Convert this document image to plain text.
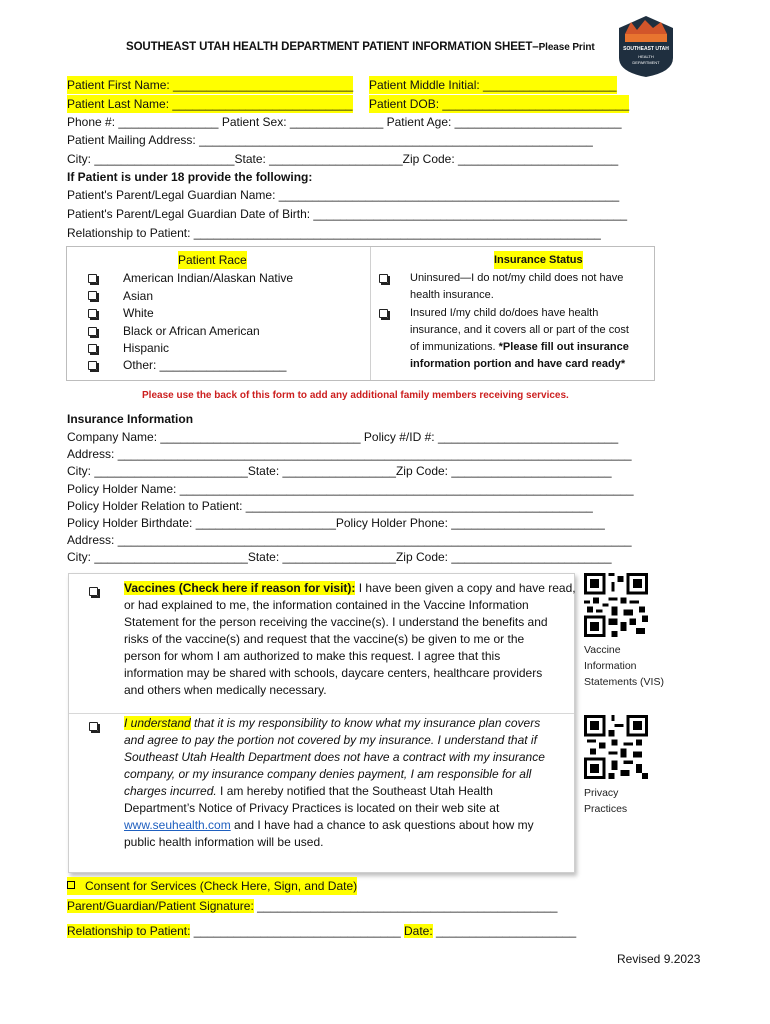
SOUTHEAST UTAH HEALTH DEPARTMENT PATIENT INFORMATION SHEET–Please Print	SOUTHEAST UTAH
HEALTH
DEPARTMENT
Patient First Name: ___________________________ Patient Middle Initial: ____________________
Patient Last Name: ___________________________ Patient DOB: ____________________________
Phone #: _______________ Patient Sex: ______________ Patient Age: _________________________
Patient Mailing Address: ___________________________________________________________
City: _____________________State: ____________________Zip Code: ________________________
If Patient is under 18 provide the following:
Patient's Parent/Legal Guardian Name: ___________________________________________________
Patient's Parent/Legal Guardian Date of Birth: _______________________________________________
Relationship to Patient: _____________________________________________________________
Patient Race
American Indian/Alaskan Native
Asian
White
Black or African American
Hispanic
Other: ___________________
Insurance Status
Uninsured—I do not/my child does not have
health insurance.
Insured I/my child do/does have health
insurance, and it covers all or part of the cost
of immunizations. *Please fill out insurance
information portion and have card ready*
Please use the back of this form to add any additional family members receiving services.
Insurance Information
Company Name: ______________________________ Policy #/ID #: ___________________________
Address: _____________________________________________________________________________
City: _______________________State: _________________Zip Code: ________________________
Policy Holder Name: ____________________________________________________________________
Policy Holder Relation to Patient: ____________________________________________________
Policy Holder Birthdate: _____________________Policy Holder Phone: _______________________
Address: _____________________________________________________________________________
City: _______________________State: _________________Zip Code: ________________________
Vaccines (Check here if reason for visit): I have been given a copy and have read,
or had explained to me, the information contained in the Vaccine Information
Statement for the person receiving the vaccine(s). I understand the benefits and
risks of the vaccine(s) and request that the vaccine(s) be given to me or the
person for whom I am authorized to make this request. I agree that this
information may be shared with schools, daycare centers, healthcare providers
and others when medically necessary.
I understand that it is my responsibility to know what my insurance plan covers
and agree to pay the portion not covered by my insurance. I understand that if
Southeast Utah Health Department does not have a contract with my insurance
company, or my insurance company denies payment, I am responsible for all
charges incurred. I am hereby notified that the Southeast Utah Health
Department’s Notice of Privacy Practices is located on their web site at
www.seuhealth.com and I have had a chance to ask questions about how my
public health information will be used.
Vaccine
Information
Statements (VIS)
Privacy
Practices
Consent for Services (Check Here, Sign, and Date)
Parent/Guardian/Patient Signature: _____________________________________________
Relationship to Patient: _______________________________ Date: _____________________
Revised 9.2023
